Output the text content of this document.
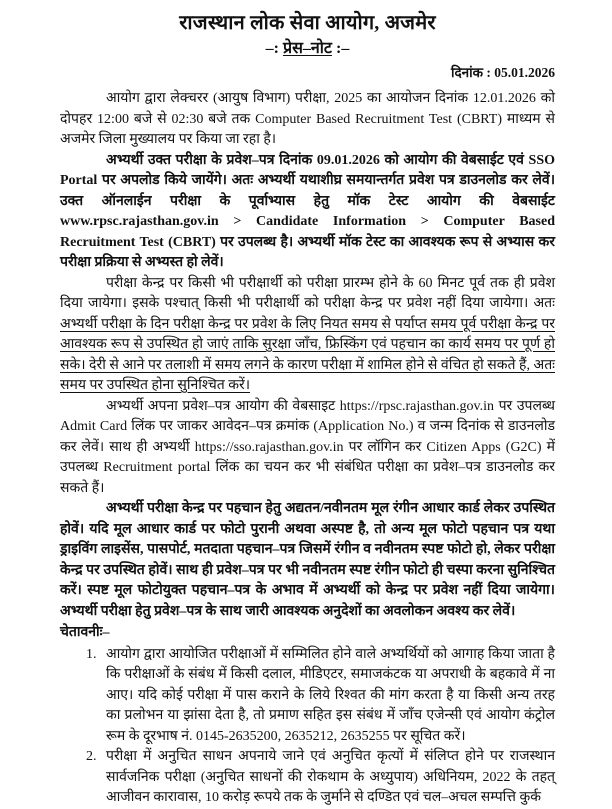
राजस्थान लोक सेवा आयोग, अजमेर
–: प्रेस–नोट :–
दिनांक : 05.01.2026

आयोग द्वारा लेक्चरर (आयुष विभाग) परीक्षा, 2025 का आयोजन दिनांक 12.01.2026 को दोपहर 12:00 बजे से 02:30 बजे तक Computer Based Recruitment Test (CBRT) माध्यम से अजमेर जिला मुख्यालय पर किया जा रहा है।

अभ्यर्थी उक्त परीक्षा के प्रवेश–पत्र दिनांक 09.01.2026 को आयोग की वेबसाईट एवं SSO Portal पर अपलोड किये जायेंगे। अतः अभ्यर्थी यथाशीघ्र समयान्तर्गत प्रवेश पत्र डाउनलोड कर लेवें। उक्त ऑनलाईन परीक्षा के पूर्वाभ्यास हेतु मॉक टेस्ट आयोग की वेबसाईट www.rpsc.rajasthan.gov.in > Candidate Information > Computer Based Recruitment Test (CBRT) पर उपलब्ध है। अभ्यर्थी मॉक टेस्ट का आवश्यक रूप से अभ्यास कर परीक्षा प्रक्रिया से अभ्यस्त हो लेवें।

परीक्षा केन्द्र पर किसी भी परीक्षार्थी को परीक्षा प्रारम्भ होने के 60 मिनट पूर्व तक ही प्रवेश दिया जायेगा। इसके पश्चात् किसी भी परीक्षार्थी को परीक्षा केन्द्र पर प्रवेश नहीं दिया जायेगा। अतः अभ्यर्थी परीक्षा के दिन परीक्षा केन्द्र पर प्रवेश के लिए नियत समय से पर्याप्त समय पूर्व परीक्षा केन्द्र पर आवश्यक रूप से उपस्थित हो जाएं ताकि सुरक्षा जाँच, फ्रिस्किंग एवं पहचान का कार्य समय पर पूर्ण हो सके। देरी से आने पर तलाशी में समय लगने के कारण परीक्षा में शामिल होने से वंचित हो सकते हैं, अतः समय पर उपस्थित होना सुनिश्चित करें।

अभ्यर्थी अपना प्रवेश–पत्र आयोग की वेबसाइट https://rpsc.rajasthan.gov.in पर उपलब्ध Admit Card लिंक पर जाकर आवेदन–पत्र क्रमांक (Application No.) व जन्म दिनांक से डाउनलोड कर लेवें। साथ ही अभ्यर्थी https://sso.rajasthan.gov.in पर लॉगिन कर Citizen Apps (G2C) में उपलब्ध Recruitment portal लिंक का चयन कर भी संबंधित परीक्षा का प्रवेश–पत्र डाउनलोड कर सकते हैं।

अभ्यर्थी परीक्षा केन्द्र पर पहचान हेतु अद्यतन/नवीनतम मूल रंगीन आधार कार्ड लेकर उपस्थित होवें। यदि मूल आधार कार्ड पर फोटो पुरानी अथवा अस्पष्ट है, तो अन्य मूल फोटो पहचान पत्र यथा ड्राइविंग लाइसेंस, पासपोर्ट, मतदाता पहचान–पत्र जिसमें रंगीन व नवीनतम स्पष्ट फोटो हो, लेकर परीक्षा केन्द्र पर उपस्थित होवें। साथ ही प्रवेश–पत्र पर भी नवीनतम स्पष्ट रंगीन फोटो ही चस्पा करना सुनिश्चित करें। स्पष्ट मूल फोटोयुक्त पहचान–पत्र के अभाव में अभ्यर्थी को केन्द्र पर प्रवेश नहीं दिया जायेगा। अभ्यर्थी परीक्षा हेतु प्रवेश–पत्र के साथ जारी आवश्यक अनुदेशों का अवलोकन अवश्य कर लेवें।

चेतावनीः–
1. आयोग द्वारा आयोजित परीक्षाओं में सम्मिलित होने वाले अभ्यर्थियों को आगाह किया जाता है कि परीक्षाओं के संबंध में किसी दलाल, मीडिएटर, समाजकंटक या अपराधी के बहकावे में ना आए। यदि कोई परीक्षा में पास कराने के लिये रिश्वत की मांग करता है या किसी अन्य तरह का प्रलोभन या झांसा देता है, तो प्रमाण सहित इस संबंध में जाँच एजेन्सी एवं आयोग कंट्रोल रूम के दूरभाष नं. 0145-2635200, 2635212, 2635255 पर सूचित करें।
2. परीक्षा में अनुचित साधन अपनाये जाने एवं अनुचित कृत्यों में संलिप्त होने पर राजस्थान सार्वजनिक परीक्षा (अनुचित साधनों की रोकथाम के अध्युपाय) अधिनियम, 2022 के तहत् आजीवन कारावास, 10 करोड़ रूपये तक के जुर्माने से दण्डित एवं चल–अचल सम्पत्ति कुर्क
